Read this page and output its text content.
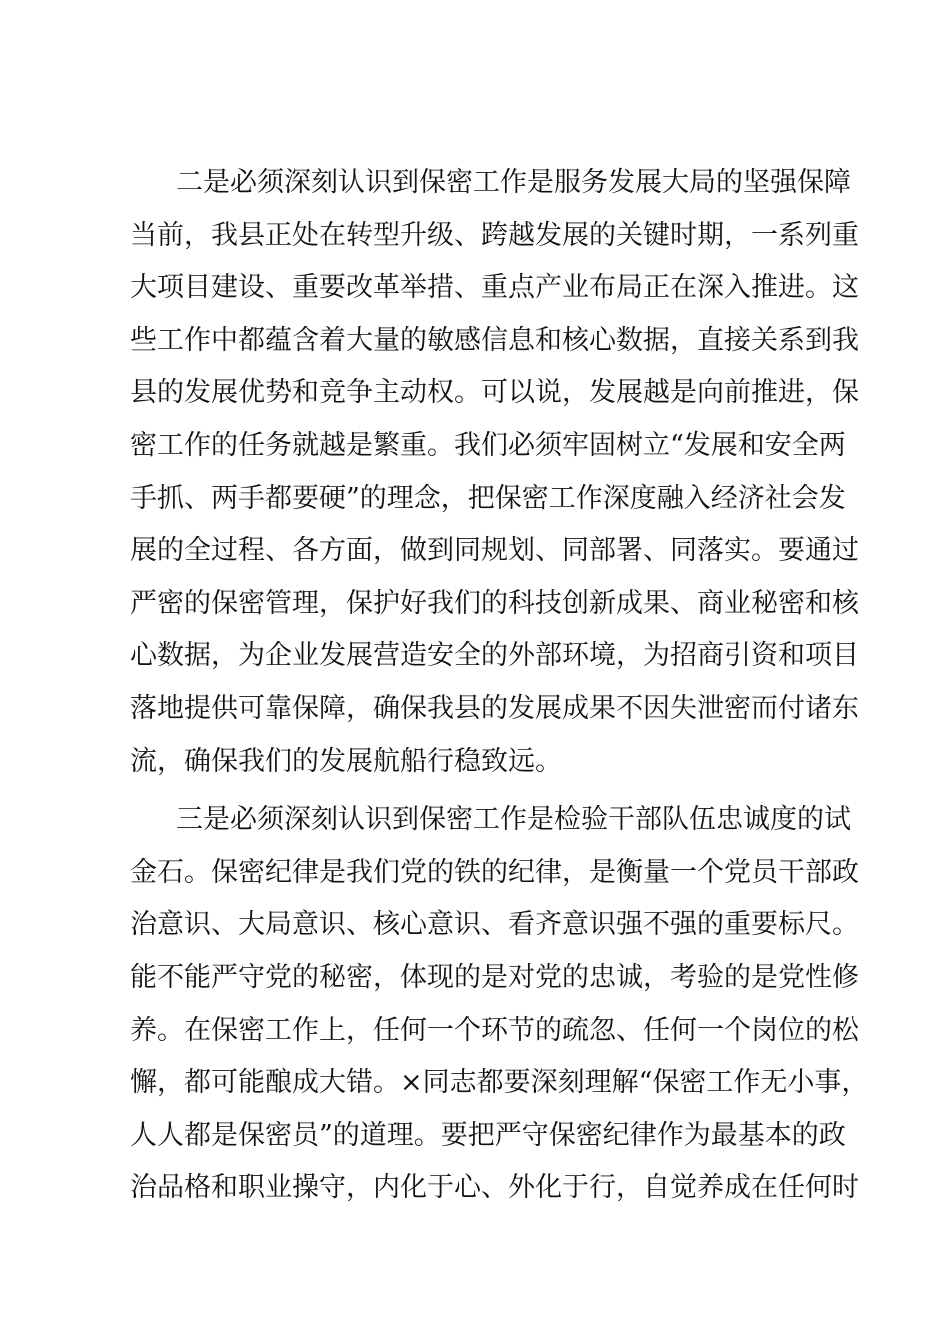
二是必须深刻认识到保密工作是服务发展大局的坚强保障
当前，我县正处在转型升级、跨越发展的关键时期，一系列重
大项目建设、重要改革举措、重点产业布局正在深入推进。这
些工作中都蕴含着大量的敏感信息和核心数据，直接关系到我
县的发展优势和竞争主动权。可以说，发展越是向前推进，保
密工作的任务就越是繁重。我们必须牢固树立“发展和安全两
手抓、两手都要硬”的理念，把保密工作深度融入经济社会发
展的全过程、各方面，做到同规划、同部署、同落实。要通过
严密的保密管理，保护好我们的科技创新成果、商业秘密和核
心数据，为企业发展营造安全的外部环境，为招商引资和项目
落地提供可靠保障，确保我县的发展成果不因失泄密而付诸东
流，确保我们的发展航船行稳致远。
三是必须深刻认识到保密工作是检验干部队伍忠诚度的试
金石。保密纪律是我们党的铁的纪律，是衡量一个党员干部政
治意识、大局意识、核心意识、看齐意识强不强的重要标尺。
能不能严守党的秘密，体现的是对党的忠诚，考验的是党性修
养。在保密工作上，任何一个环节的疏忽、任何一个岗位的松
懈，都可能酿成大错。×同志都要深刻理解“保密工作无小事，
人人都是保密员”的道理。要把严守保密纪律作为最基本的政
治品格和职业操守，内化于心、外化于行，自觉养成在任何时
